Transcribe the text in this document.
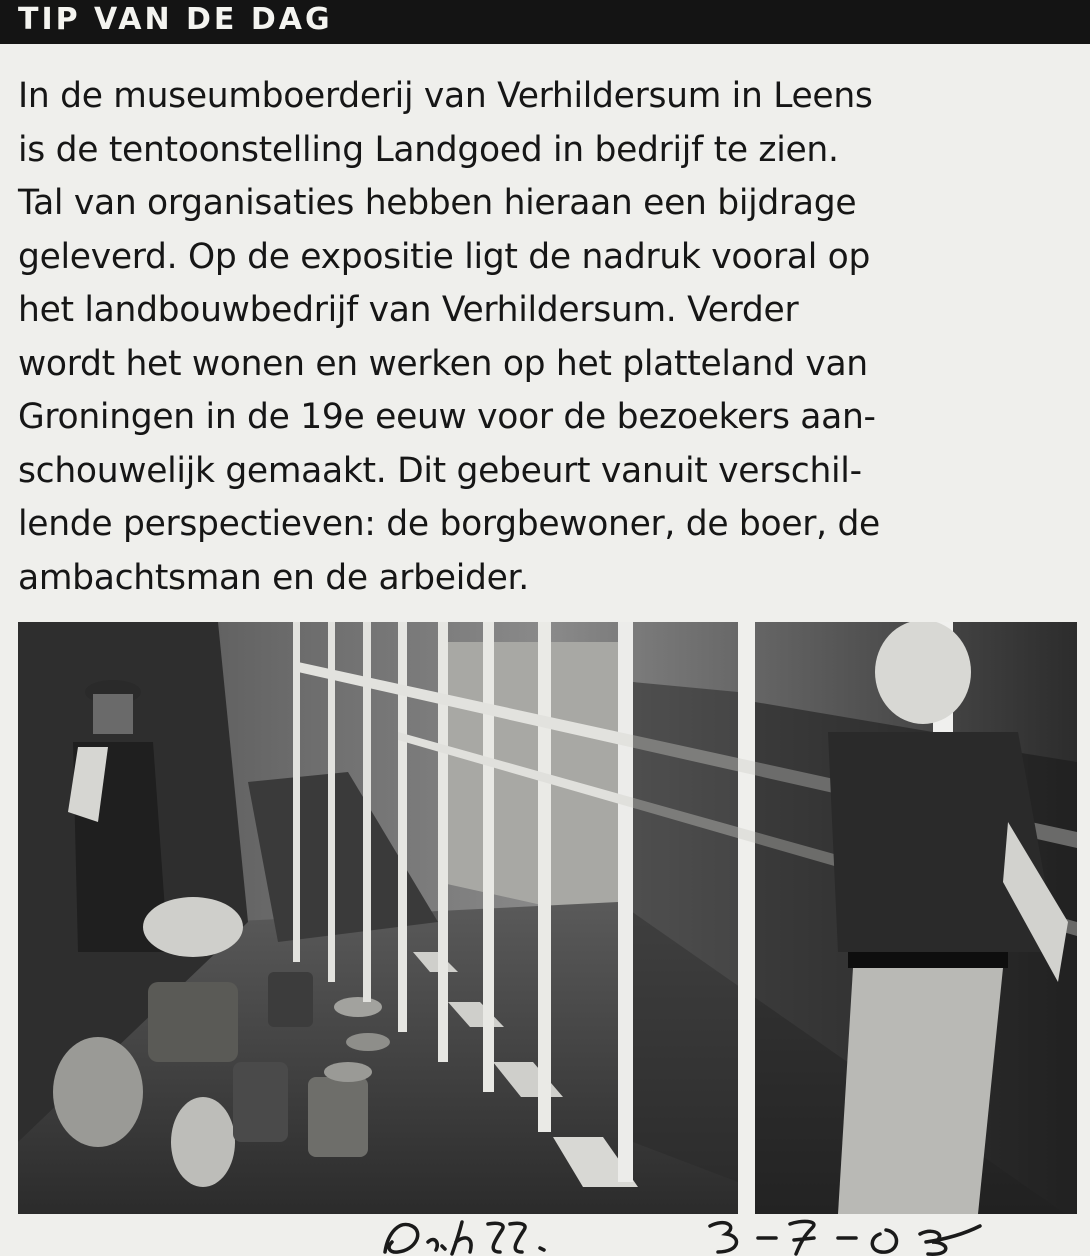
TIP VAN DE DAG
In de museumboerderij van Verhildersum in Leens
is de tentoonstelling Landgoed in bedrijf te zien.
Tal van organisaties hebben hieraan een bijdrage
geleverd. Op de expositie ligt de nadruk vooral op
het landbouwbedrijf van Verhildersum. Verder
wordt het wonen en werken op het platteland van
Groningen in de 19e eeuw voor de bezoekers aan-
schouwelijk gemaakt. Dit gebeurt vanuit verschil-
lende perspectieven: de borgbewoner, de boer, de
ambachtsman en de arbeider.
